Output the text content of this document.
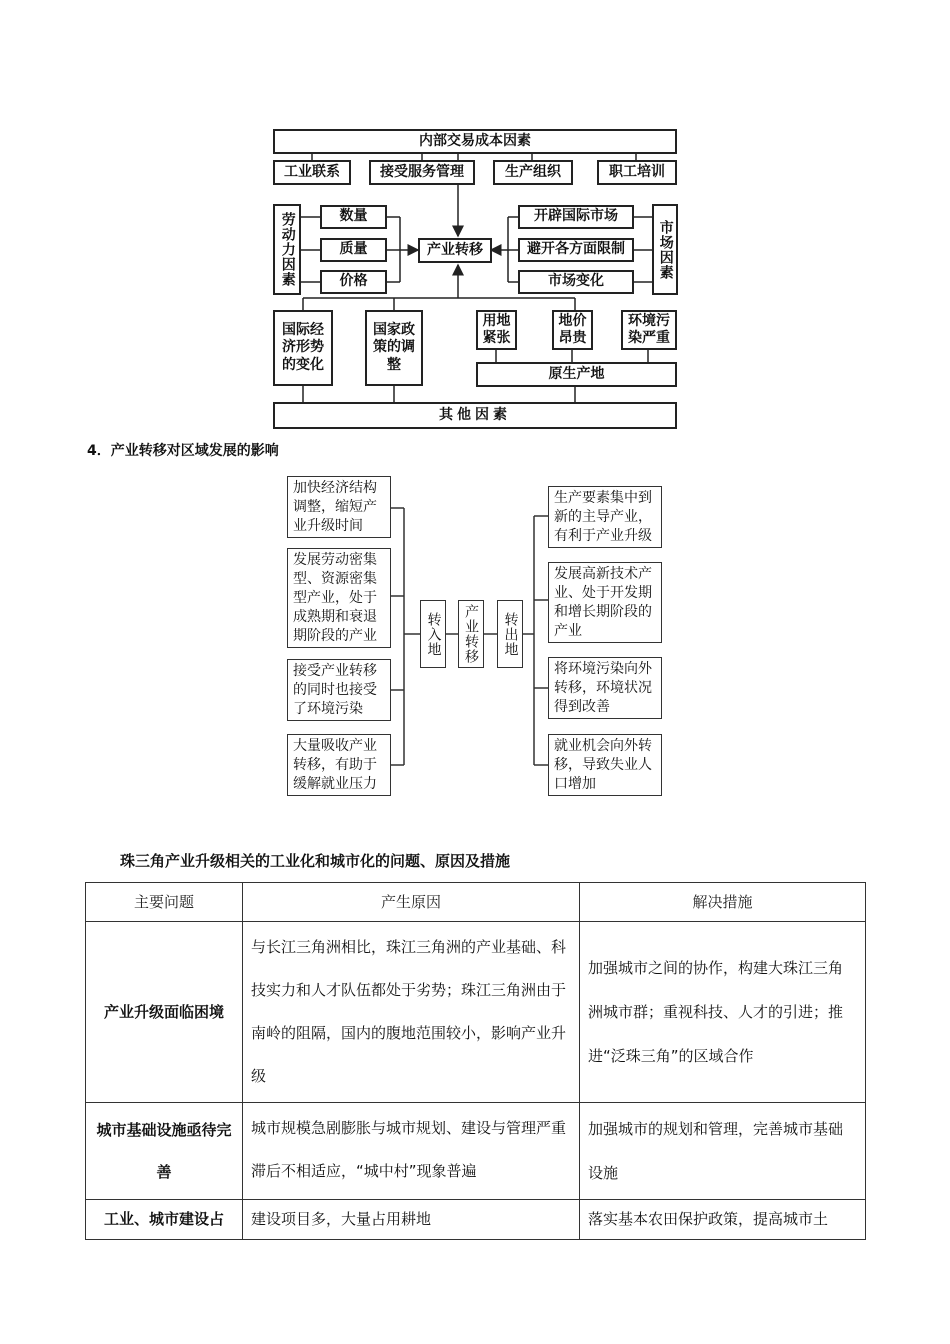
内部交易成本因素
工业联系	接受服务管理	生产组织	职工培训
劳动力因素	数量
质量
价格
产业转移
开辟国际市场
避开各方面限制
市场变化
市场因素
国际经济形势的变化
国家政策的调整
用地紧张
地价昂贵
环境污染严重
原生产地
其他因素
4．产业转移对区域发展的影响
加快经济结构调整，缩短产业升级时间
发展劳动密集型、资源密集型产业，处于成熟期和衰退期阶段的产业
接受产业转移的同时也接受了环境污染
大量吸收产业转移，有助于缓解就业压力
转入地	产业转移	转出地
生产要素集中到新的主导产业，有利于产业升级
发展高新技术产业、处于开发期和增长期阶段的产业
将环境污染向外转移，环境状况得到改善
就业机会向外转移，导致失业人口增加
珠三角产业升级相关的工业化和城市化的问题、原因及措施
主要问题	产生原因	解决措施
产业升级面临困境	与长江三角洲相比，珠江三角洲的产业基础、科技实力和人才队伍都处于劣势；珠江三角洲由于南岭的阻隔，国内的腹地范围较小，影响产业升级	加强城市之间的协作，构建大珠江三角洲城市群；重视科技、人才的引进；推进“泛珠三角”的区域合作
城市基础设施亟待完善	城市规模急剧膨胀与城市规划、建设与管理严重滞后不相适应，“城中村”现象普遍	加强城市的规划和管理，完善城市基础设施
工业、城市建设占	建设项目多，大量占用耕地	落实基本农田保护政策，提高城市土
